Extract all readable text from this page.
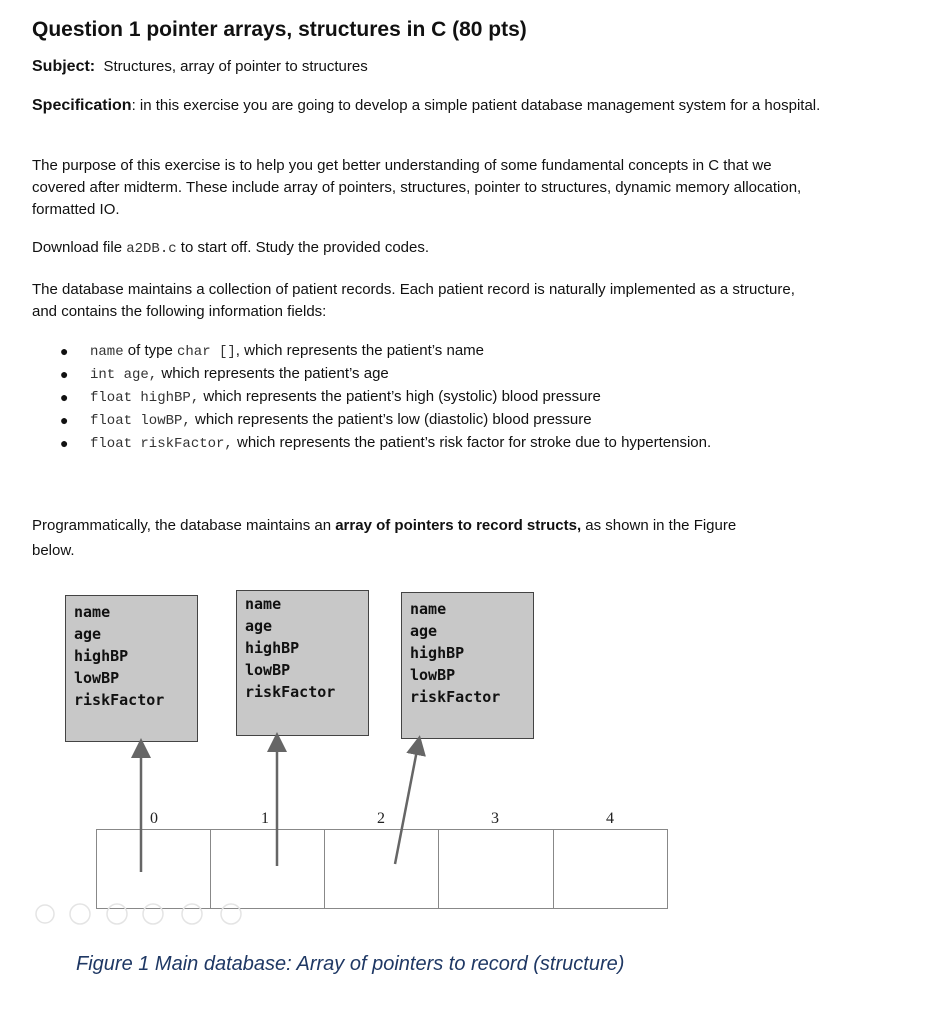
Question 1 pointer arrays, structures in C (80 pts)
Subject: Structures, array of pointer to structures
Specification: in this exercise you are going to develop a simple patient database management system for a hospital.
The purpose of this exercise is to help you get better understanding of some fundamental concepts in C that we covered after midterm. These include array of pointers, structures, pointer to structures, dynamic memory allocation, formatted IO.
Download file a2DB.c to start off. Study the provided codes.
The database maintains a collection of patient records. Each patient record is naturally implemented as a structure, and contains the following information fields:
● name of type char [], which represents the patient’s name
● int age, which represents the patient’s age
● float highBP, which represents the patient’s high (systolic) blood pressure
● float lowBP, which represents the patient’s low (diastolic) blood pressure
● float riskFactor, which represents the patient’s risk factor for stroke due to hypertension.
Programmatically, the database maintains an array of pointers to record structs, as shown in the Figure below.
name
age
highBP
lowBP
riskFactor
name
age
highBP
lowBP
riskFactor
name
age
highBP
lowBP
riskFactor
0	1	2	3	4
Figure 1 Main database: Array of pointers to record (structure)
